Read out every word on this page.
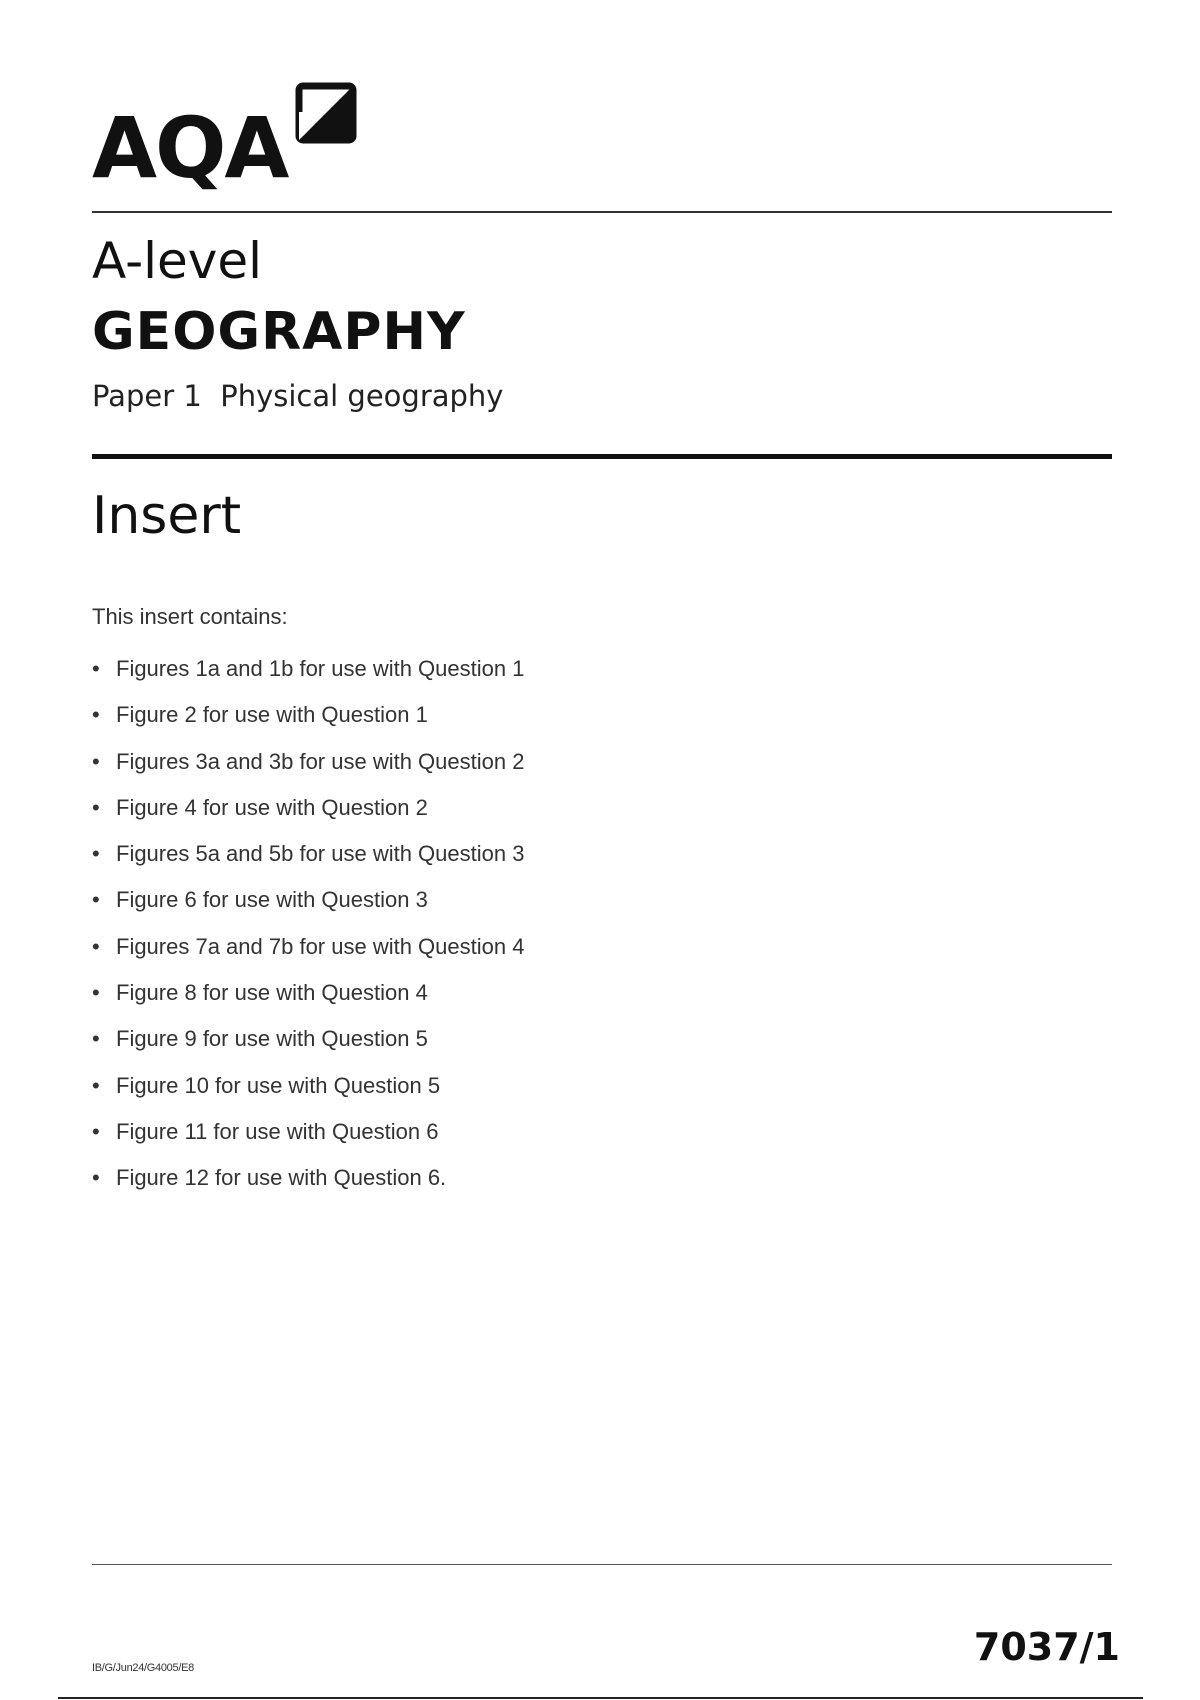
AQA
A-level
GEOGRAPHY
Paper 1  Physical geography
Insert
This insert contains:
• Figures 1a and 1b for use with Question 1
• Figure 2 for use with Question 1
• Figures 3a and 3b for use with Question 2
• Figure 4 for use with Question 2
• Figures 5a and 5b for use with Question 3
• Figure 6 for use with Question 3
• Figures 7a and 7b for use with Question 4
• Figure 8 for use with Question 4
• Figure 9 for use with Question 5
• Figure 10 for use with Question 5
• Figure 11 for use with Question 6
• Figure 12 for use with Question 6.
IB/G/Jun24/G4005/E8	7037/1
